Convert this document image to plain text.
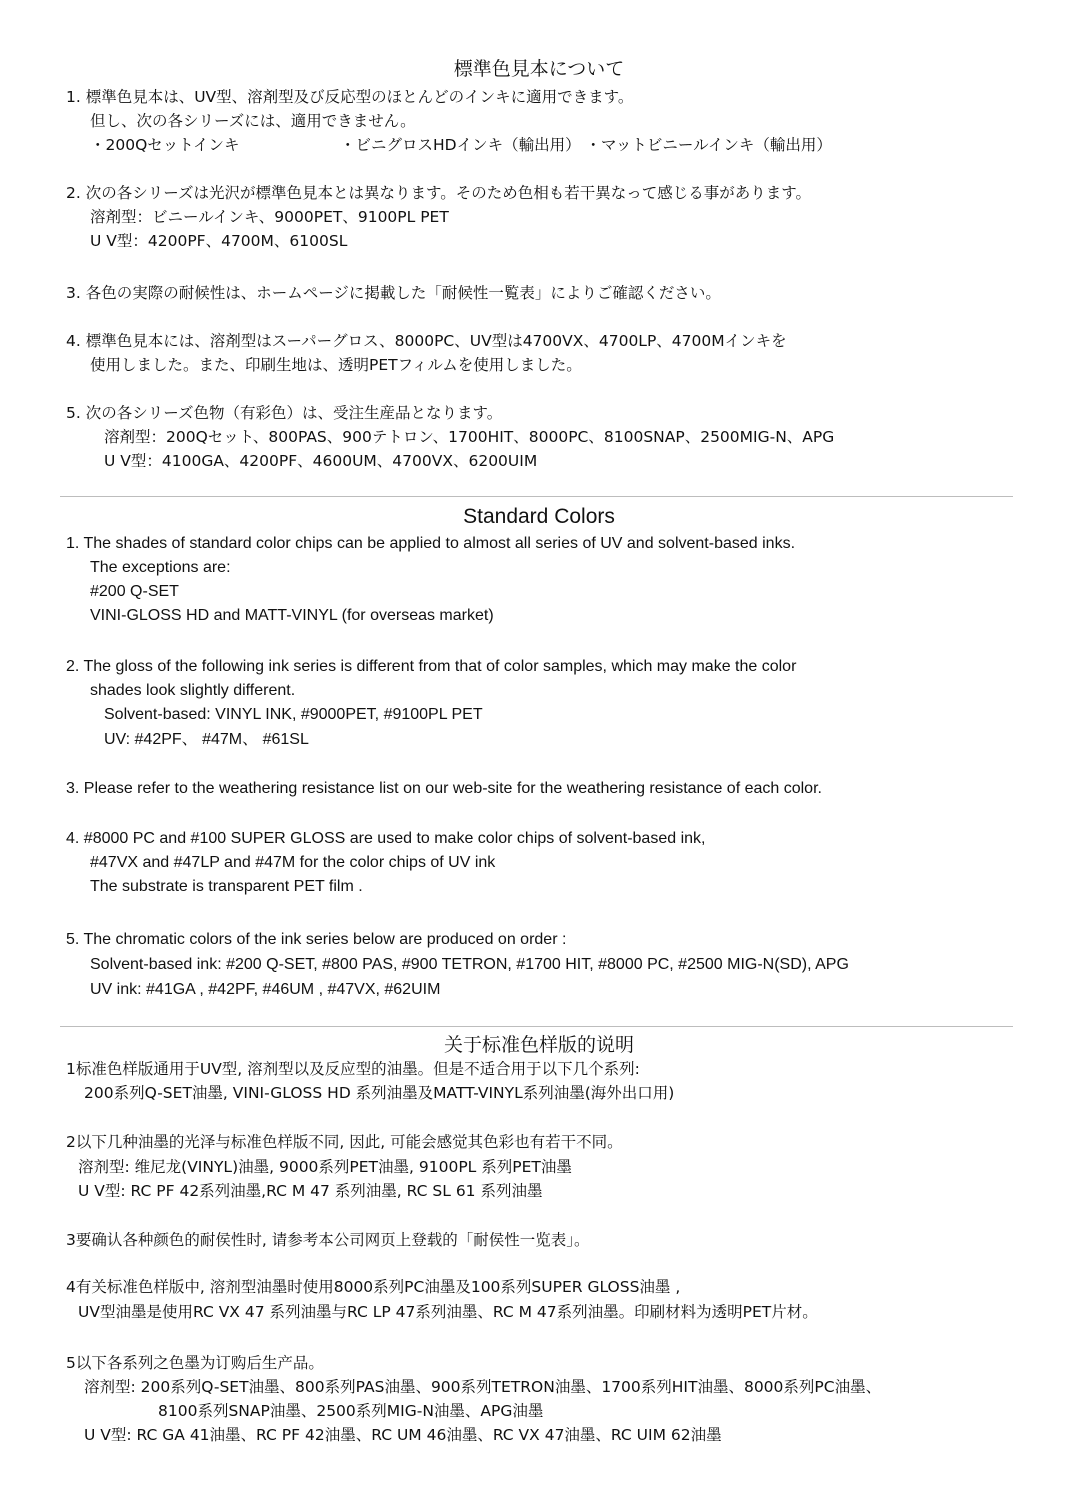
標準色見本について
1. 標準色見本は、UV型、溶剤型及び反応型のほとんどのインキに適用できます。
但し、次の各シリーズには、適用できません。
・200Qセットインキ	・ビニグロスHDインキ（輸出用） ・マットビニールインキ（輸出用）
2. 次の各シリーズは光沢が標準色見本とは異なります。そのため色相も若干異なって感じる事があります。
溶剤型：ビニールインキ、9000PET、9100PL PET
U V型：4200PF、4700M、6100SL
3. 各色の実際の耐候性は、ホームページに掲載した「耐候性一覧表」によりご確認ください。
4. 標準色見本には、溶剤型はスーパーグロス、8000PC、UV型は4700VX、4700LP、4700Mインキを
使用しました。また、印刷生地は、透明PETフィルムを使用しました。
5. 次の各シリーズ色物（有彩色）は、受注生産品となります。
溶剤型：200Qセット、800PAS、900テトロン、1700HIT、8000PC、8100SNAP、2500MIG-N、APG
U V型：4100GA、4200PF、4600UM、4700VX、6200UIM
Standard Colors
1. The shades of standard color chips can be applied to almost all series of UV and solvent-based inks.
The exceptions are:
#200 Q-SET
VINI-GLOSS HD and MATT-VINYL (for overseas market)
2. The gloss of the following ink series is different from that of color samples, which may make the color
shades look slightly different.
Solvent-based: VINYL INK, #9000PET, #9100PL PET
UV: #42PF、 #47M、 #61SL
3. Please refer to the weathering resistance list on our web-site for the weathering resistance of each color.
4. #8000 PC and #100 SUPER GLOSS are used to make color chips of solvent-based ink,
#47VX and #47LP and #47M for the color chips of UV ink
The substrate is transparent PET film .
5. The chromatic colors of the ink series below are produced on order :
Solvent-based ink: #200 Q-SET, #800 PAS, #900 TETRON, #1700 HIT, #8000 PC, #2500 MIG-N(SD), APG
UV ink: #41GA , #42PF, #46UM , #47VX, #62UIM
关于标准色样版的说明
1标准色样版通用于UV型, 溶剂型以及反应型的油墨。但是不适合用于以下几个系列:
200系列Q-SET油墨, VINI-GLOSS HD 系列油墨及MATT-VINYL系列油墨(海外出口用)
2以下几种油墨的光泽与标准色样版不同, 因此, 可能会感觉其色彩也有若干不同。
溶剂型: 维尼龙(VINYL)油墨, 9000系列PET油墨, 9100PL 系列PET油墨
U V型: RC PF 42系列油墨,RC M 47 系列油墨, RC SL 61 系列油墨
3要确认各种颜色的耐侯性时, 请参考本公司网页上登载的「耐侯性一览表」。
4有关标准色样版中, 溶剂型油墨时使用8000系列PC油墨及100系列SUPER GLOSS油墨 ,
UV型油墨是使用RC VX 47 系列油墨与RC LP 47系列油墨、RC M 47系列油墨。印刷材料为透明PET片材。
5以下各系列之色墨为订购后生产品。
溶剂型: 200系列Q-SET油墨、800系列PAS油墨、900系列TETRON油墨、1700系列HIT油墨、8000系列PC油墨、
8100系列SNAP油墨、2500系列MIG-N油墨、APG油墨
U V型: RC GA 41油墨、RC PF 42油墨、RC UM 46油墨、RC VX 47油墨、RC UIM 62油墨
